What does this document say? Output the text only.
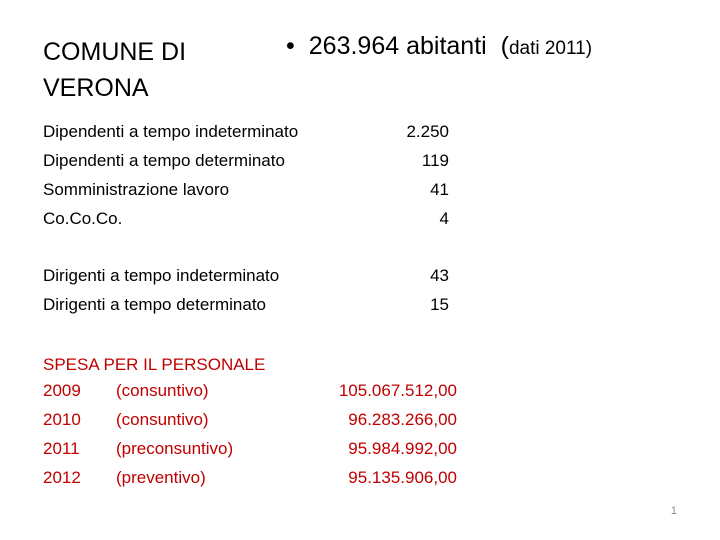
COMUNE DI VERONA
• 263.964 abitanti (dati 2011)
Dipendenti a tempo indeterminato	2.250
Dipendenti a tempo determinato	119
Somministrazione lavoro	41
Co.Co.Co.	4
Dirigenti a tempo indeterminato	43
Dirigenti a tempo determinato	15
SPESA PER IL PERSONALE
2009 (consuntivo)	105.067.512,00
2010 (consuntivo)	96.283.266,00
2011 (preconsuntivo)	95.984.992,00
2012 (preventivo)	95.135.906,00
1
